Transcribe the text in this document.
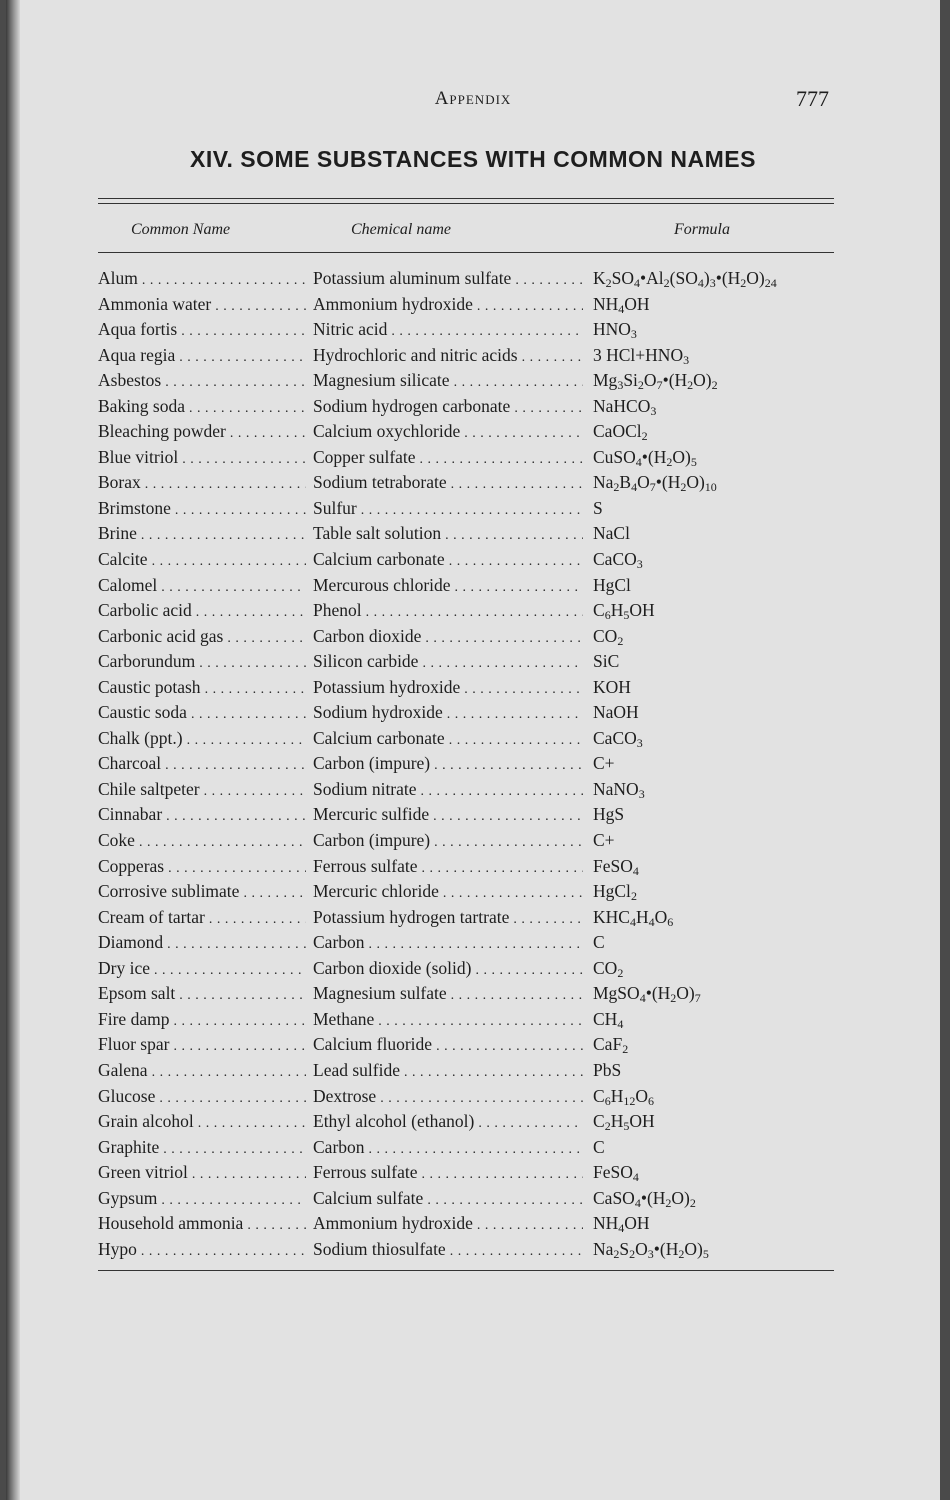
Appendix	777
XIV. SOME SUBSTANCES WITH COMMON NAMES
Common Name	Chemical name	Formula
Alum . . .	Potassium aluminum sulfate . . .	$K_2SO_4•Al_2(SO_4)_3•(H_2O)_{24}$
Ammonia water . . .	Ammonium hydroxide . . .	$NH_4OH$
Aqua fortis . . .	Nitric acid . . .	$HNO_3$
Aqua regia . . .	Hydrochloric and nitric acids . . .	3 $HCl+HNO_3$
Asbestos . . .	Magnesium silicate . . .	$Mg_3Si_2O_7•(H_2O)_2$
Baking soda . . .	Sodium hydrogen carbonate . . .	NaHCO$_3$
Bleaching powder . . .	Calcium oxychloride . . .	CaOCl$_2$
Blue vitriol . . .	Copper sulfate . . .	$CuSO_4•(H_2O)_5$
Borax . . .	Sodium tetraborate . . .	$Na_2B_4O_7•(H_2O)_{10}$
Brimstone . . .	Sulfur . . .	S
Brine . . .	Table salt solution . . .	NaCl
Calcite . . .	Calcium carbonate . . .	CaCO$_3$
Calomel . . .	Mercurous chloride . . .	HgCl
Carbolic acid . . .	Phenol . . .	$C_6H_5OH$
Carbonic acid gas . . .	Carbon dioxide . . .	$CO_2$
Carborundum . . .	Silicon carbide . . .	SiC
Caustic potash . . .	Potassium hydroxide . . .	KOH
Caustic soda . . .	Sodium hydroxide . . .	NaOH
Chalk (ppt.) . . .	Calcium carbonate . . .	CaCO$_3$
Charcoal . . .	Carbon (impure) . . .	C+
Chile saltpeter . . .	Sodium nitrate . . .	NaNO$_3$
Cinnabar . . .	Mercuric sulfide . . .	HgS
Coke . . .	Carbon (impure) . . .	C+
Copperas . . .	Ferrous sulfate . . .	FeSO$_4$
Corrosive sublimate . . .	Mercuric chloride . . .	HgCl$_2$
Cream of tartar . . .	Potassium hydrogen tartrate . . .	$KHC_4H_4O_6$
Diamond . . .	Carbon . . .	C
Dry ice . . .	Carbon dioxide (solid) . . .	$CO_2$
Epsom salt . . .	Magnesium sulfate . . .	$MgSO_4•(H_2O)_7$
Fire damp . . .	Methane . . .	$CH_4$
Fluor spar . . .	Calcium fluoride . . .	CaF$_2$
Galena . . .	Lead sulfide . . .	PbS
Glucose . . .	Dextrose . . .	$C_6H_{12}O_6$
Grain alcohol . . .	Ethyl alcohol (ethanol) . . .	$C_2H_5OH$
Graphite . . .	Carbon . . .	C
Green vitriol . . .	Ferrous sulfate . . .	FeSO$_4$
Gypsum . . .	Calcium sulfate . . .	$CaSO_4•(H_2O)_2$
Household ammonia . . .	Ammonium hydroxide . . .	$NH_4OH$
Hypo . . .	Sodium thiosulfate . . .	$Na_2S_2O_3•(H_2O)_5$
